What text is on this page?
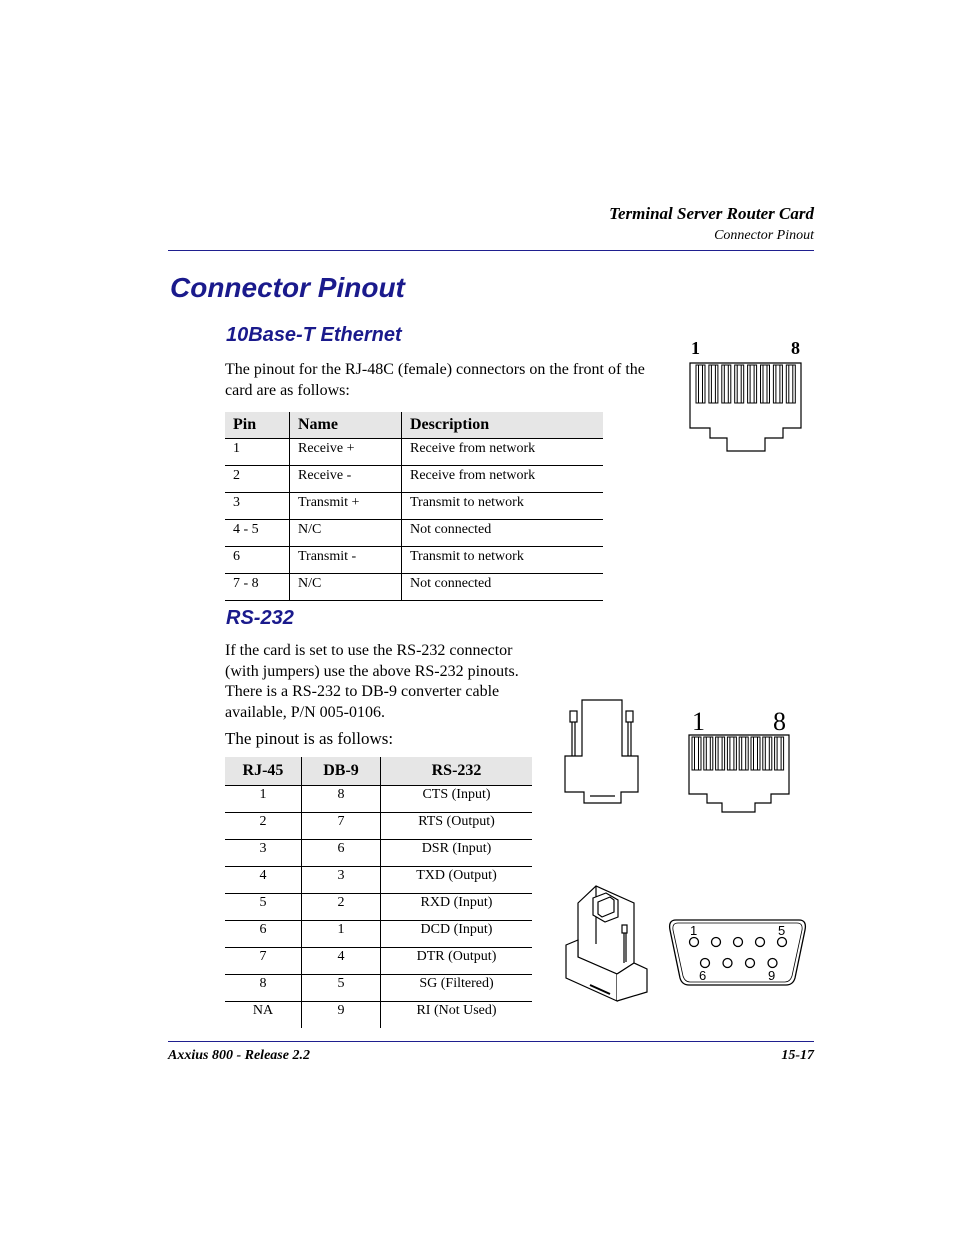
Terminal Server Router Card
Connector Pinout
Connector Pinout
10Base-T Ethernet
The pinout for the RJ-48C (female) connectors on the front of the card are as follows:
Pin	Name	Description
1	Receive +	Receive from network
2	Receive -	Receive from network
3	Transmit +	Transmit to network
4 - 5	N/C	Not connected
6	Transmit -	Transmit to network
7 - 8	N/C	Not connected
1	8
RS-232
If the card is set to use the RS-232 connector (with jumpers) use the above RS-232 pinouts. There is a RS-232 to DB-9 converter cable available, P/N 005-0106.
The pinout is as follows:
RJ-45	DB-9	RS-232
1	8	CTS (Input)
2	7	RTS (Output)
3	6	DSR (Input)
4	3	TXD (Output)
5	2	RXD (Input)
6	1	DCD (Input)
7	4	DTR (Output)
8	5	SG (Filtered)
NA	9	RI (Not Used)
1	8
1	5
6	9
Axxius 800 - Release 2.2	15-17
